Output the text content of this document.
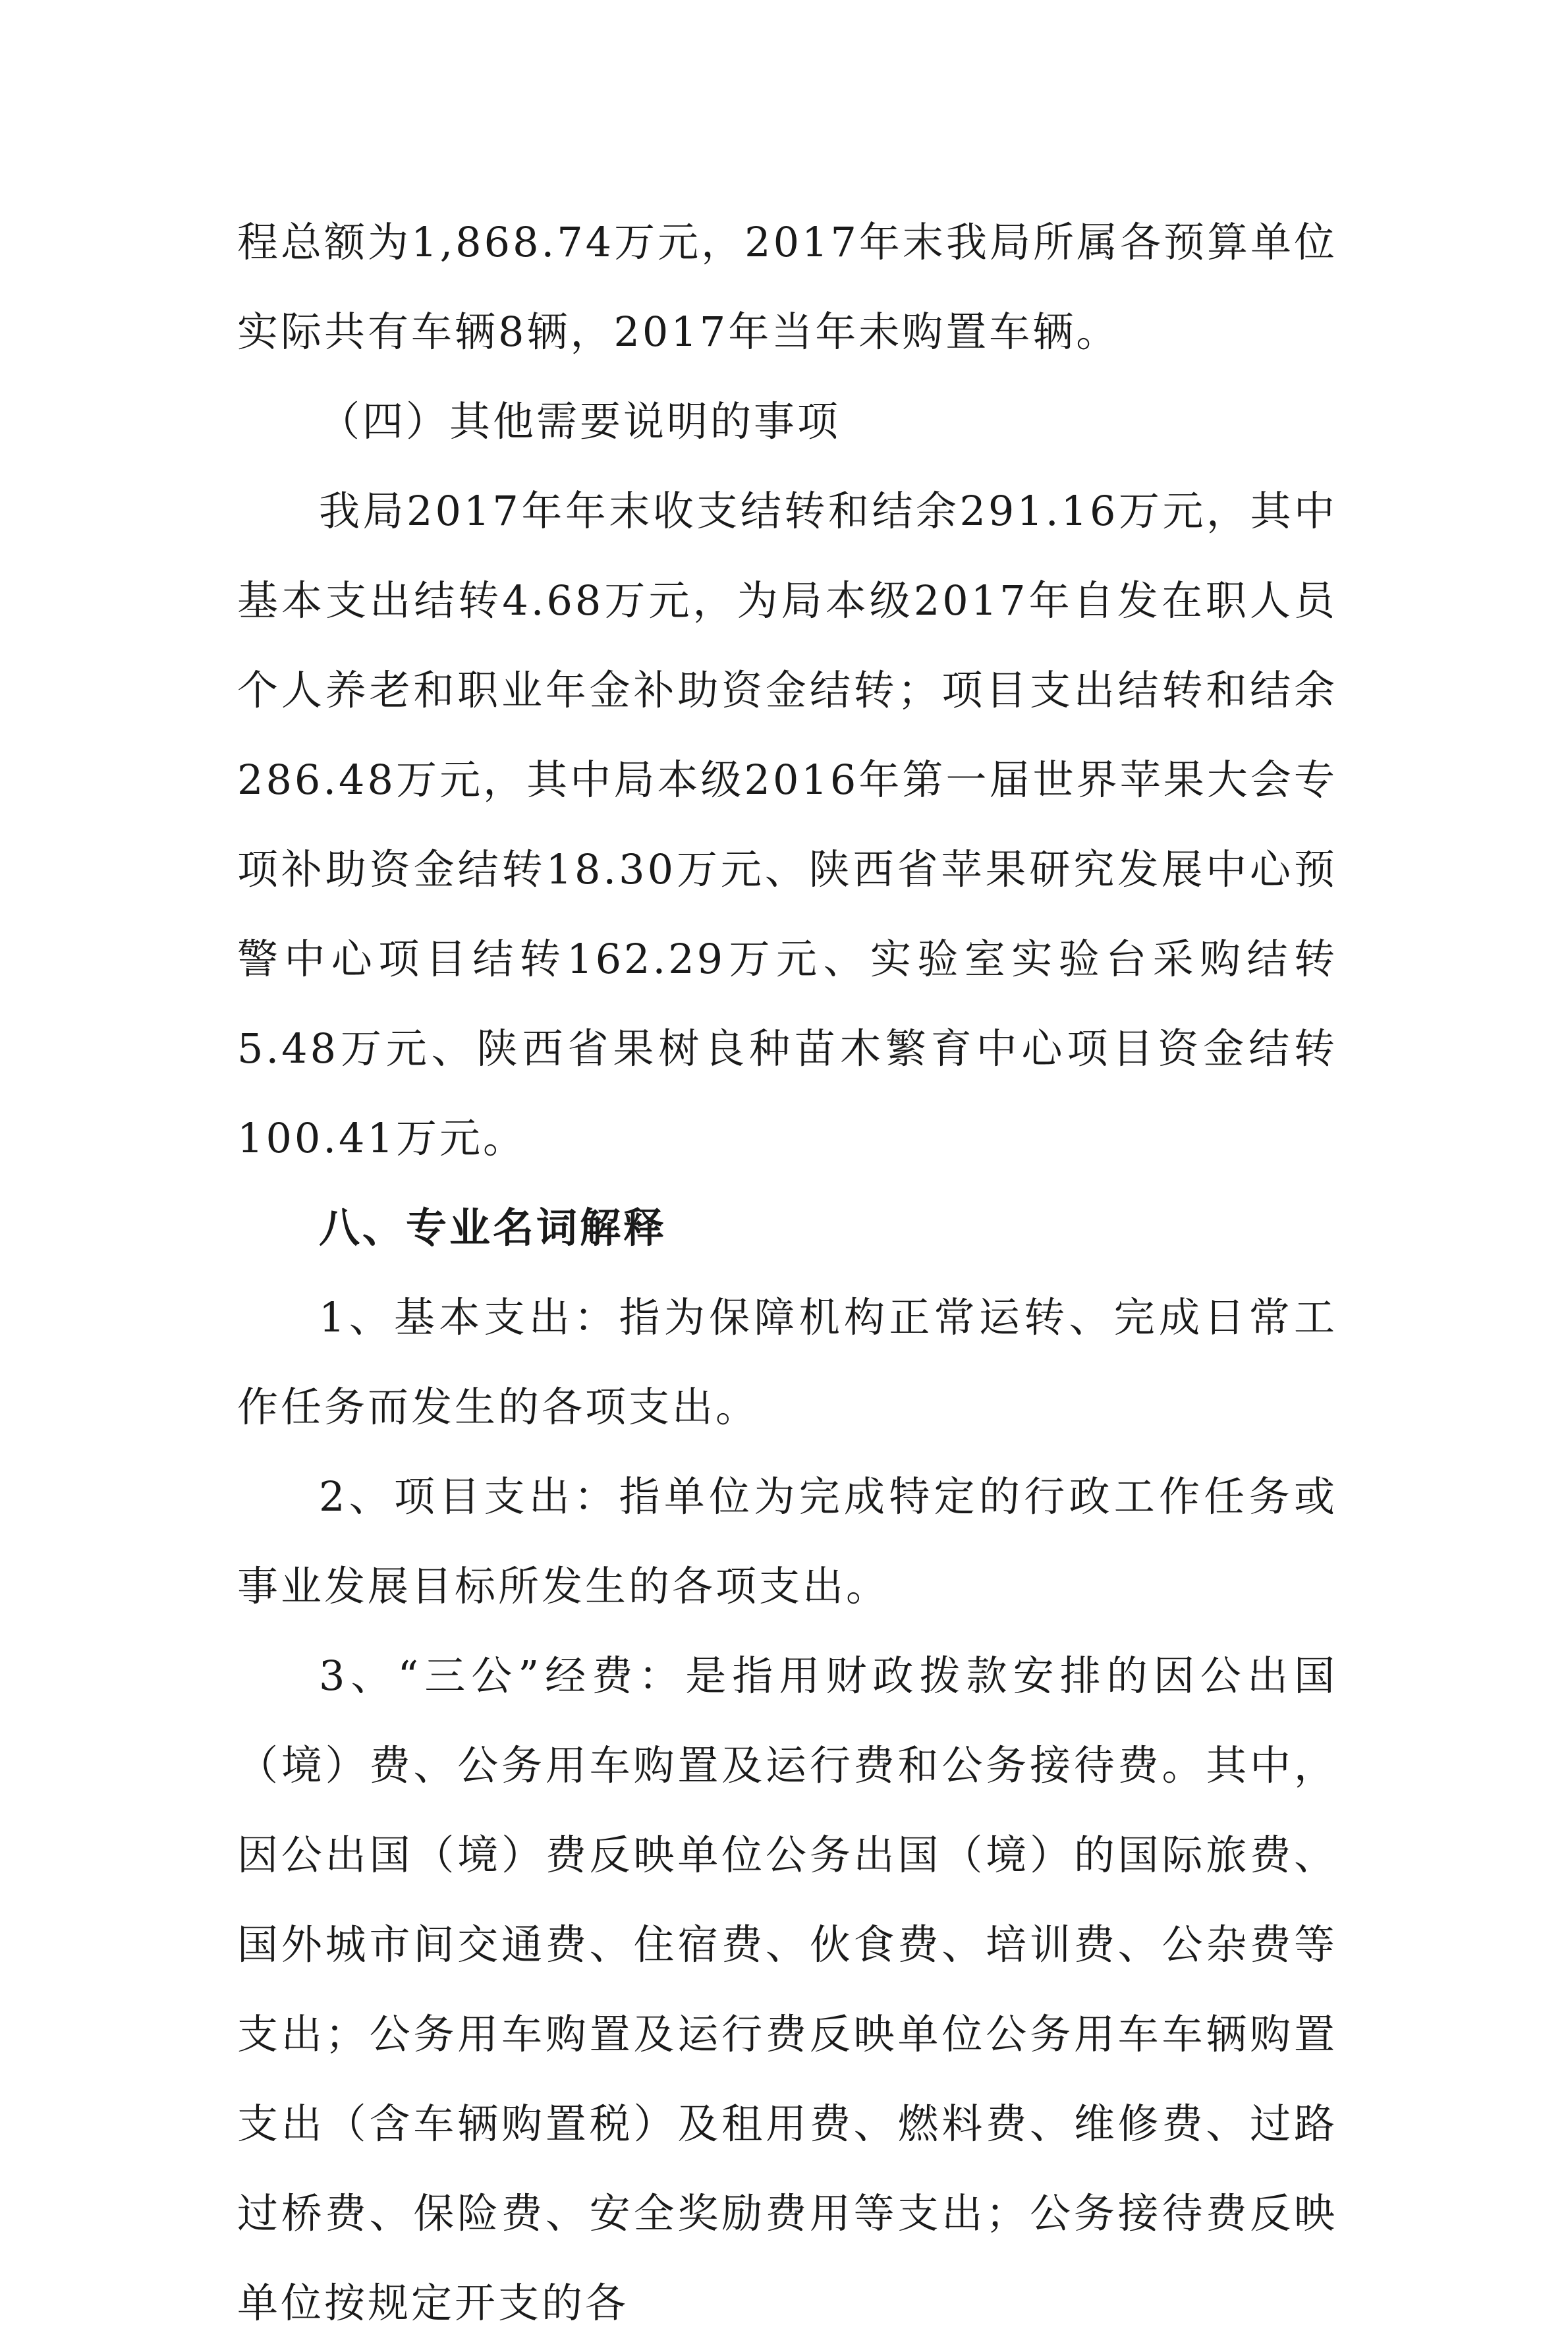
程总额为1,868.74万元，2017年末我局所属各预算单位实际共有车辆8辆，2017年当年未购置车辆。

（四）其他需要说明的事项

我局2017年年末收支结转和结余291.16万元，其中基本支出结转4.68万元，为局本级2017年自发在职人员个人养老和职业年金补助资金结转；项目支出结转和结余286.48万元，其中局本级2016年第一届世界苹果大会专项补助资金结转18.30万元、陕西省苹果研究发展中心预警中心项目结转162.29万元、实验室实验台采购结转5.48万元、陕西省果树良种苗木繁育中心项目资金结转100.41万元。

八、专业名词解释

1、基本支出：指为保障机构正常运转、完成日常工作任务而发生的各项支出。

2、项目支出：指单位为完成特定的行政工作任务或事业发展目标所发生的各项支出。

3、“三公”经费：是指用财政拨款安排的因公出国（境）费、公务用车购置及运行费和公务接待费。其中，因公出国（境）费反映单位公务出国（境）的国际旅费、国外城市间交通费、住宿费、伙食费、培训费、公杂费等支出；公务用车购置及运行费反映单位公务用车车辆购置支出（含车辆购置税）及租用费、燃料费、维修费、过路过桥费、保险费、安全奖励费用等支出；公务接待费反映单位按规定开支的各
